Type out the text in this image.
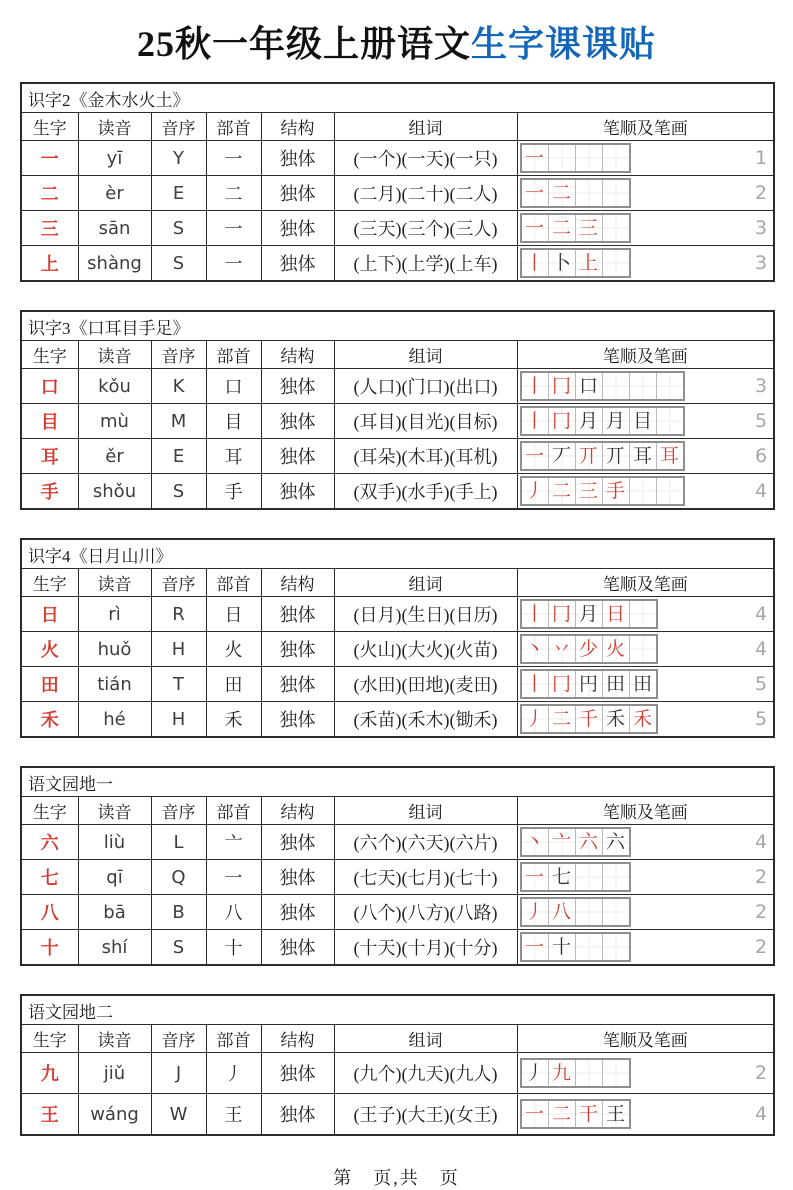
25秋一年级上册语文生字课课贴
识字2《金木水火土》						
生字	读音	音序	部首	结构	组词	笔顺及笔画
一	yī	Y	一	独体	(一个)(一天)(一只)	一 1

二	èr	E	二	独体	(二月)(二十)(二人)	一 二 2

三	sān	S	一	独体	(三天)(三个)(三人)	一 二 三 3

上	shàng	S	一	独体	(上下)(上学)(上车)	丨 卜 上 3
识字3《口耳目手足》						
生字	读音	音序	部首	结构	组词	笔顺及笔画
口	kǒu	K	口	独体	(人口)(门口)(出口)	丨 冂 口 3

目	mù	M	目	独体	(耳目)(目光)(目标)	丨 冂 月 月 目	5

耳	ěr	E	耳	独体	(耳朵)(木耳)(耳机)	一 丆 丌 丌 耳 耳	6

手	shǒu	S	手	独体	(双手)(水手)(手上)	丿 二 三 手 4
识字4《日月山川》						
生字	读音	音序	部首	结构	组词	笔顺及笔画
日	rì	R	日	独体	(日月)(生日)(日历)	丨 冂 月 日 4

火	huǒ	H	火	独体	(火山)(大火)(火苗)	丶 丷 少 火 4

田	tián	T	田	独体	(水田)(田地)(麦田)	丨 冂 円 田 田	5

禾	hé	H	禾	独体	(禾苗)(禾木)(锄禾)	丿 二 千 禾 禾	5
语文园地一						
生字	读音	音序	部首	结构	组词	笔顺及笔画
六	liù	L	亠	独体	(六个)(六天)(六片)	丶 亠 六 六 4

七	qī	Q	一	独体	(七天)(七月)(七十)	一 七 2

八	bā	B	八	独体	(八个)(八方)(八路)	丿 八 2

十	shí	S	十	独体	(十天)(十月)(十分)	一 十 2
语文园地二						
生字	读音	音序	部首	结构	组词	笔顺及笔画
九	jiǔ	J	丿	独体	(九个)(九天)(九人)	丿 九 2

王	wáng	W	王	独体	(王子)(大王)(女王)	一 二 干 王 4
第　页,共　页
